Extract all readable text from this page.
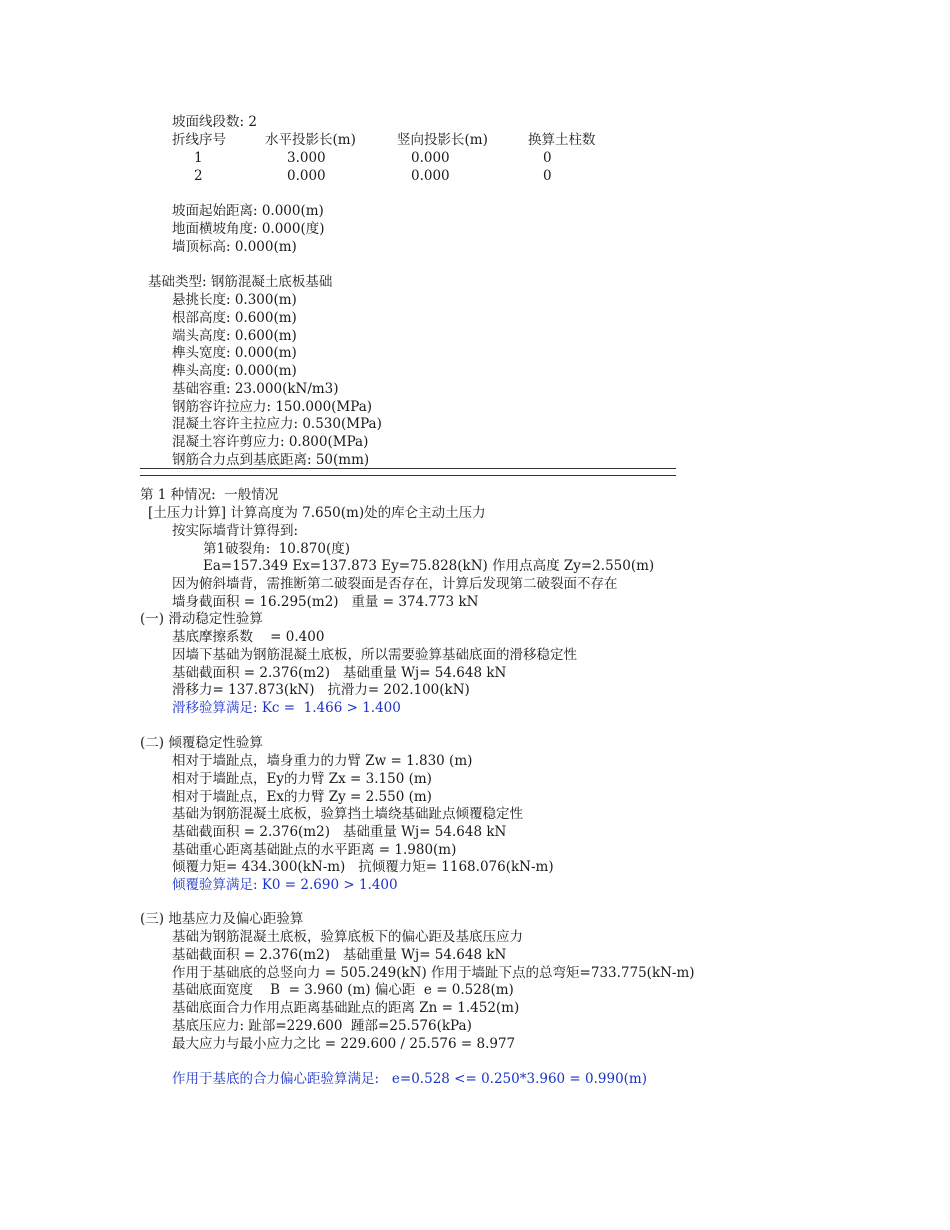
坡面线段数: 2
折线序号	水平投影长(m)	竖向投影长(m)	换算土柱数
1	3.000	0.000	0
2	0.000	0.000	0
坡面起始距离: 0.000(m)
地面横坡角度: 0.000(度)
墙顶标高: 0.000(m)
基础类型: 钢筋混凝土底板基础
悬挑长度: 0.300(m)
根部高度: 0.600(m)
端头高度: 0.600(m)
榫头宽度: 0.000(m)
榫头高度: 0.000(m)
基础容重: 23.000(kN/m3)
钢筋容许拉应力: 150.000(MPa)
混凝土容许主拉应力: 0.530(MPa)
混凝土容许剪应力: 0.800(MPa)
钢筋合力点到基底距离: 50(mm)
第 1 种情况:  一般情况
[土压力计算] 计算高度为 7.650(m)处的库仑主动土压力
按实际墙背计算得到:
第1破裂角:  10.870(度)
Ea=157.349 Ex=137.873 Ey=75.828(kN) 作用点高度 Zy=2.550(m)
因为俯斜墙背，需推断第二破裂面是否存在，计算后发现第二破裂面不存在
墙身截面积 = 16.295(m2)   重量 = 374.773 kN
(一) 滑动稳定性验算
基底摩擦系数    = 0.400
因墙下基础为钢筋混凝土底板，所以需要验算基础底面的滑移稳定性
基础截面积 = 2.376(m2)   基础重量 Wj= 54.648 kN
滑移力= 137.873(kN)   抗滑力= 202.100(kN)
滑移验算满足: Kc =  1.466 > 1.400
(二) 倾覆稳定性验算
相对于墙趾点，墙身重力的力臂 Zw = 1.830 (m)
相对于墙趾点，Ey的力臂 Zx = 3.150 (m)
相对于墙趾点，Ex的力臂 Zy = 2.550 (m)
基础为钢筋混凝土底板，验算挡土墙绕基础趾点倾覆稳定性
基础截面积 = 2.376(m2)   基础重量 Wj= 54.648 kN
基础重心距离基础趾点的水平距离 = 1.980(m)
倾覆力矩= 434.300(kN-m)   抗倾覆力矩= 1168.076(kN-m)
倾覆验算满足: K0 = 2.690 > 1.400
(三) 地基应力及偏心距验算
基础为钢筋混凝土底板，验算底板下的偏心距及基底压应力
基础截面积 = 2.376(m2)   基础重量 Wj= 54.648 kN
作用于基础底的总竖向力 = 505.249(kN) 作用于墙趾下点的总弯矩=733.775(kN-m)
基础底面宽度    B  = 3.960 (m) 偏心距  e = 0.528(m)
基础底面合力作用点距离基础趾点的距离 Zn = 1.452(m)
基底压应力: 趾部=229.600  踵部=25.576(kPa)
最大应力与最小应力之比 = 229.600 / 25.576 = 8.977
作用于基底的合力偏心距验算满足:   e=0.528 <= 0.250*3.960 = 0.990(m)
